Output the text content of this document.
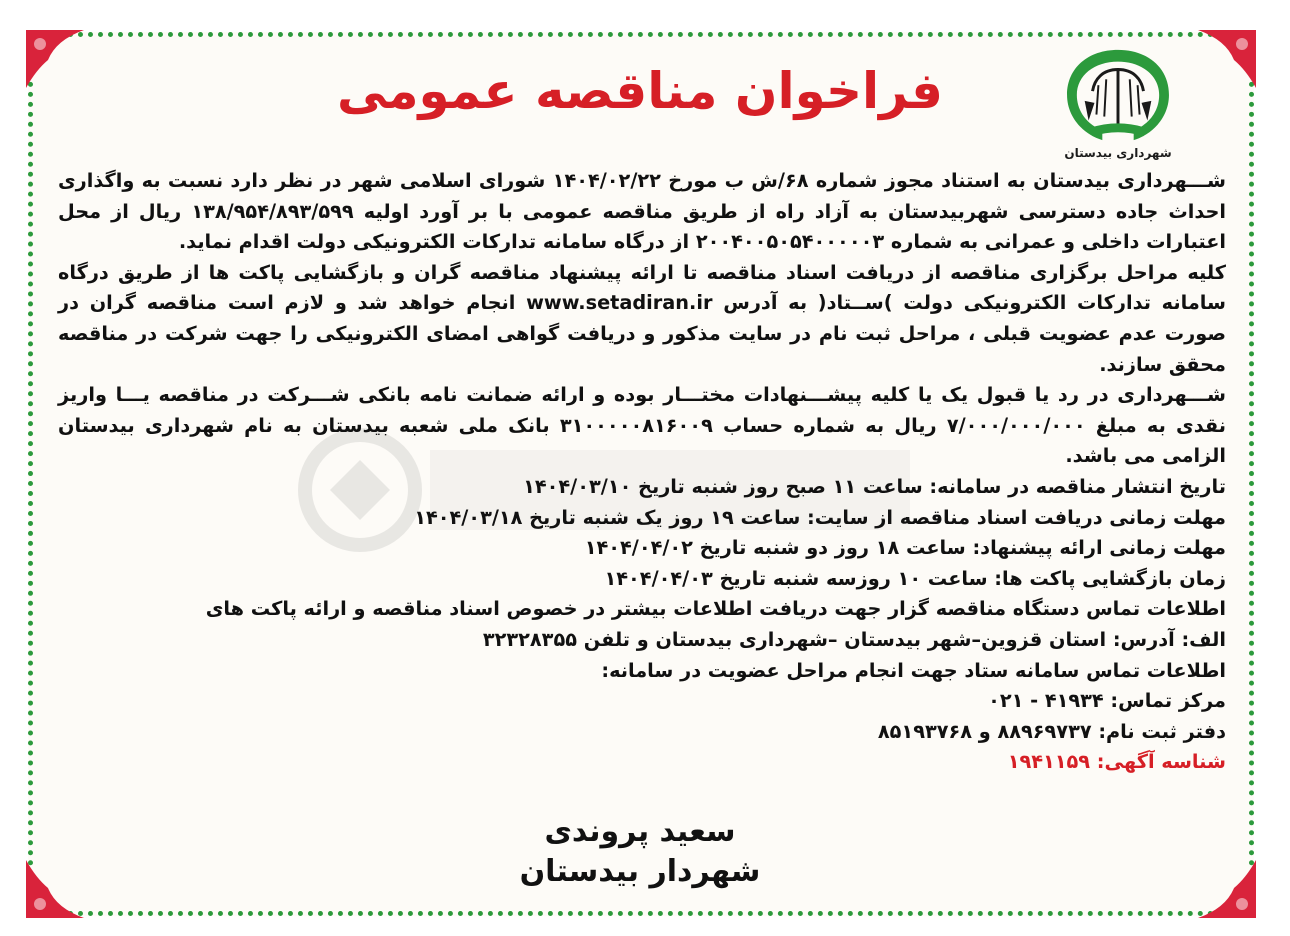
شهرداری بیدستان
فراخوان مناقصه عمومی

شـــهرداری بیدستان به استناد مجوز شماره ۶۸/ش ب مورخ ۱۴۰۴/۰۲/۲۲ شورای اسلامی شهر در نظر دارد نسبت به واگذاری احداث جاده دسترسی شهربیدستان به آزاد راه از طریق مناقصه عمومی با بر آورد اولیه ۱۳۸/۹۵۴/۸۹۳/۵۹۹ ریال از محل اعتبارات داخلی و عمرانی به شماره ۲۰۰۴۰۰۵۰۵۴۰۰۰۰۰۳ از درگاه سامانه تدارکات الکترونیکی دولت اقدام نماید.

کلیه مراحل برگزاری مناقصه از دریافت اسناد مناقصه تا ارائه پیشنهاد مناقصه گران و بازگشایی پاکت ها از طریق درگاه سامانه تدارکات الکترونیکی دولت )ســتاد( به آدرس www.setadiran.ir انجام خواهد شد و لازم است مناقصه گران در صورت عدم عضویت قبلی ، مراحل ثبت نام در سایت مذکور و دریافت گواهی امضای الکترونیکی را جهت شرکت در مناقصه محقق سازند.

شـــهرداری در رد یا قبول یک یا کلیه پیشـــنهادات مختـــار بوده و ارائه ضمانت نامه بانکی شـــرکت در مناقصه یـــا واریز نقدی به مبلغ ۷/۰۰۰/۰۰۰/۰۰۰ ریال به شماره حساب ۳۱۰۰۰۰۰۸۱۶۰۰۹ بانک ملی شعبه بیدستان به نام شهرداری بیدستان الزامی می باشد.

تاریخ انتشار مناقصه در سامانه: ساعت ۱۱ صبح روز شنبه تاریخ ۱۴۰۴/۰۳/۱۰
مهلت زمانی دریافت اسناد مناقصه از سایت: ساعت ۱۹ روز یک شنبه تاریخ ۱۴۰۴/۰۳/۱۸
مهلت زمانی ارائه پیشنهاد: ساعت ۱۸ روز دو شنبه تاریخ ۱۴۰۴/۰۴/۰۲
زمان بازگشایی پاکت ها: ساعت ۱۰ روزسه شنبه تاریخ ۱۴۰۴/۰۴/۰۳
اطلاعات تماس دستگاه مناقصه گزار جهت دریافت اطلاعات بیشتر در خصوص اسناد مناقصه و ارائه پاکت های
الف: آدرس: استان قزوین–شهر بیدستان –شهرداری بیدستان و تلفن ۳۲۳۲۸۳۵۵
اطلاعات تماس سامانه ستاد جهت انجام مراحل عضویت در سامانه:
مرکز تماس: ۴۱۹۳۴ - ۰۲۱
دفتر ثبت نام: ۸۸۹۶۹۷۳۷ و ۸۵۱۹۳۷۶۸
شناسه آگهی: ۱۹۴۱۱۵۹
سعید پروندی
شهردار بیدستان
